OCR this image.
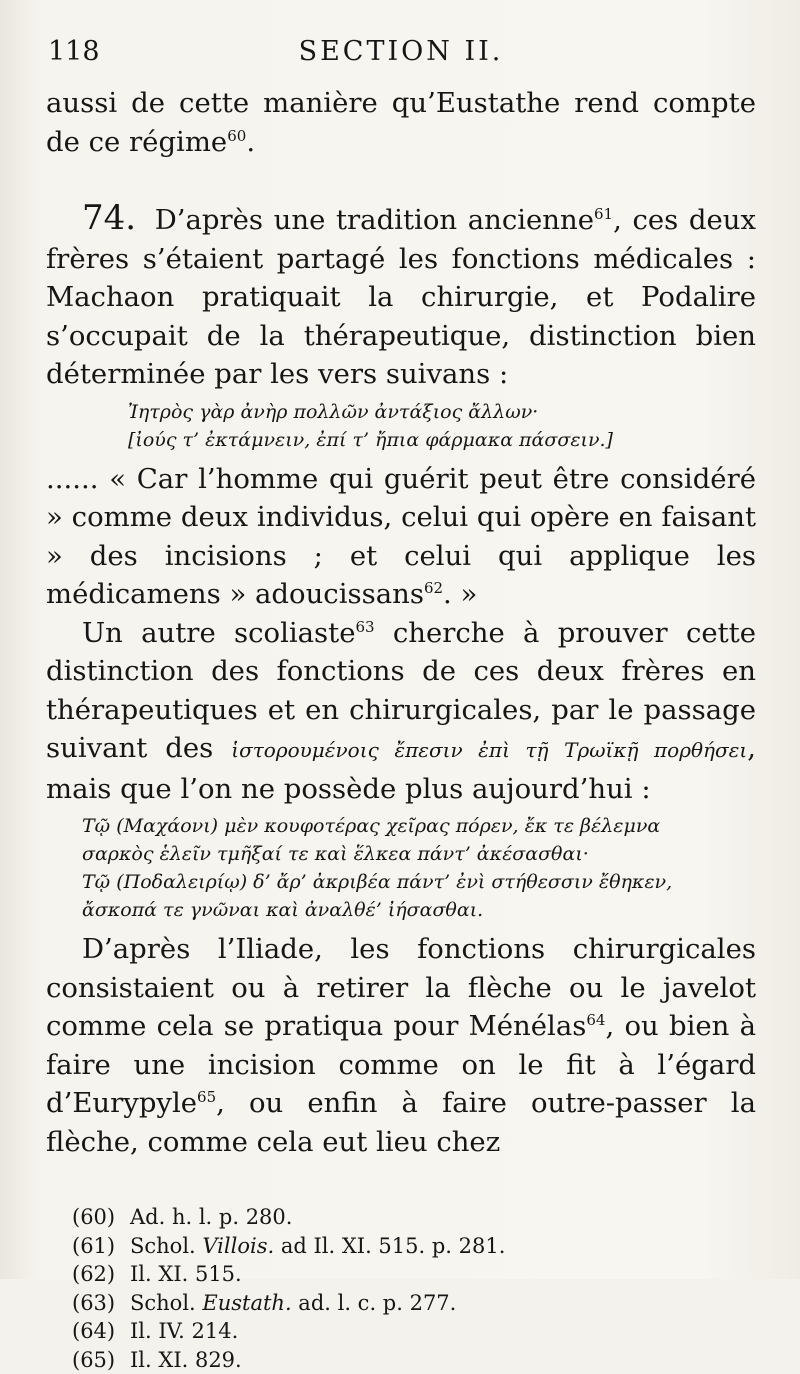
118	SECTION II.

aussi de cette manière qu’Eustathe rend compte de ce régime$^{60}$.

74. D’après une tradition ancienne$^{61}$, ces deux frères s’étaient partagé les fonctions médicales : Machaon pratiquait la chirurgie, et Podalire s’occupait de la thérapeutique, distinction bien déterminée par les vers suivans :

Ἰητρὸς γὰρ ἀνὴρ πολλῶν ἀντάξιος ἄλλων·
[ἰούς τ’ ἐκτάμνειν, ἐπί τ’ ἤπια φάρμακα πάσσειν.]

...... « Car l’homme qui guérit peut être considéré » comme deux individus, celui qui opère en faisant » des incisions ; et celui qui applique les médicamens » adoucissans$^{62}$. »

Un autre scoliaste$^{63}$ cherche à prouver cette distinction des fonctions de ces deux frères en thérapeutiques et en chirurgicales, par le passage suivant des ἱστορουμένοις ἔπεσιν ἐπὶ τῇ Τρωϊκῇ πορθήσει, mais que l’on ne possède plus aujourd’hui :

Τῷ (Μαχάονι) μὲν κουφοτέρας χεῖρας πόρεν, ἔκ τε βέλεμνα
σαρκὸς ἑλεῖν τμῆξαί τε καὶ ἕλκεα πάντ’ ἀκέσασθαι·
Τῷ (Ποδαλειρίῳ) δ’ ἄρ’ ἀκριβέα πάντ’ ἐνὶ στήθεσσιν ἔθηκεν,
ἄσκοπά τε γνῶναι καὶ ἀναλθέ’ ἰήσασθαι.

D’après l’Iliade, les fonctions chirurgicales consistaient ou à retirer la flèche ou le javelot comme cela se pratiqua pour Ménélas$^{64}$, ou bien à faire une incision comme on le fit à l’égard d’Eurypyle$^{65}$, ou enfin à faire outre-passer la flèche, comme cela eut lieu chez

(60) Ad. h. l. p. 280.
(61) Schol. Villois. ad Il. XI. 515. p. 281.
(62) Il. XI. 515.
(63) Schol. Eustath. ad. l. c. p. 277.
(64) Il. IV. 214.
(65) Il. XI. 829.
